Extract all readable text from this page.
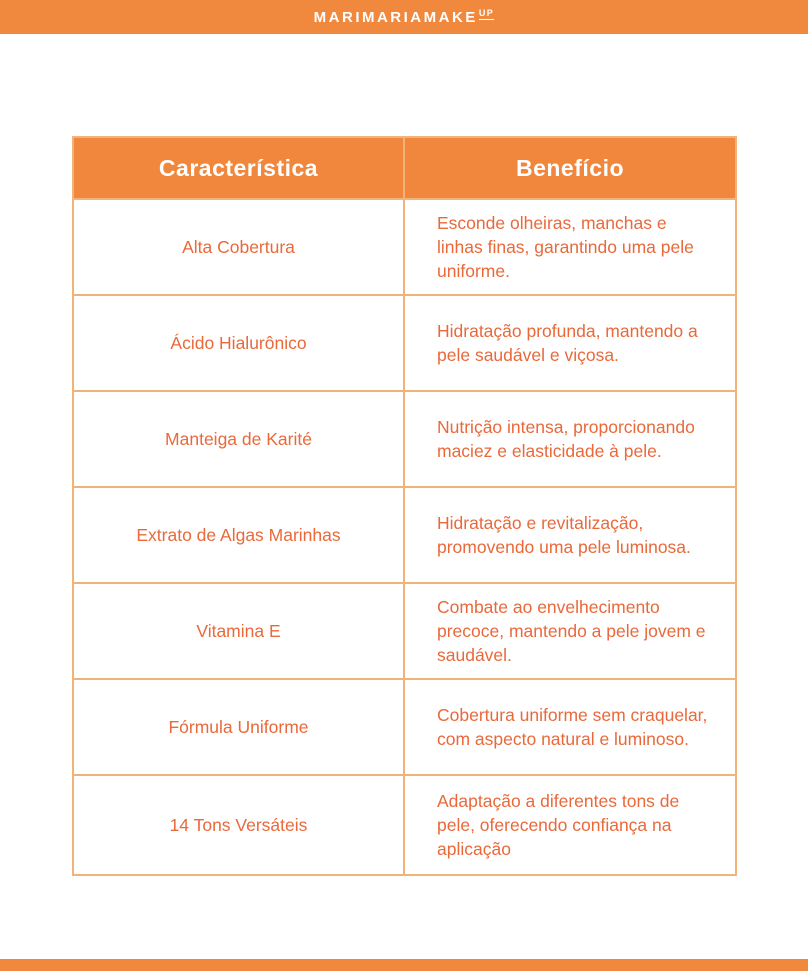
MARIMARIAMAKE UP
Característica	Benefício
Alta Cobertura
Esconde olheiras, manchas e linhas finas, garantindo uma pele uniforme.
Ácido Hialurônico
Hidratação profunda, mantendo a pele saudável e viçosa.
Manteiga de Karité
Nutrição intensa, proporcionando maciez e elasticidade à pele.
Extrato de Algas Marinhas
Hidratação e revitalização, promovendo uma pele luminosa.
Vitamina E
Combate ao envelhecimento precoce, mantendo a pele jovem e saudável.
Fórmula Uniforme
Cobertura uniforme sem craquelar, com aspecto natural e luminoso.
14 Tons Versáteis
Adaptação a diferentes tons de pele, oferecendo confiança na aplicação
